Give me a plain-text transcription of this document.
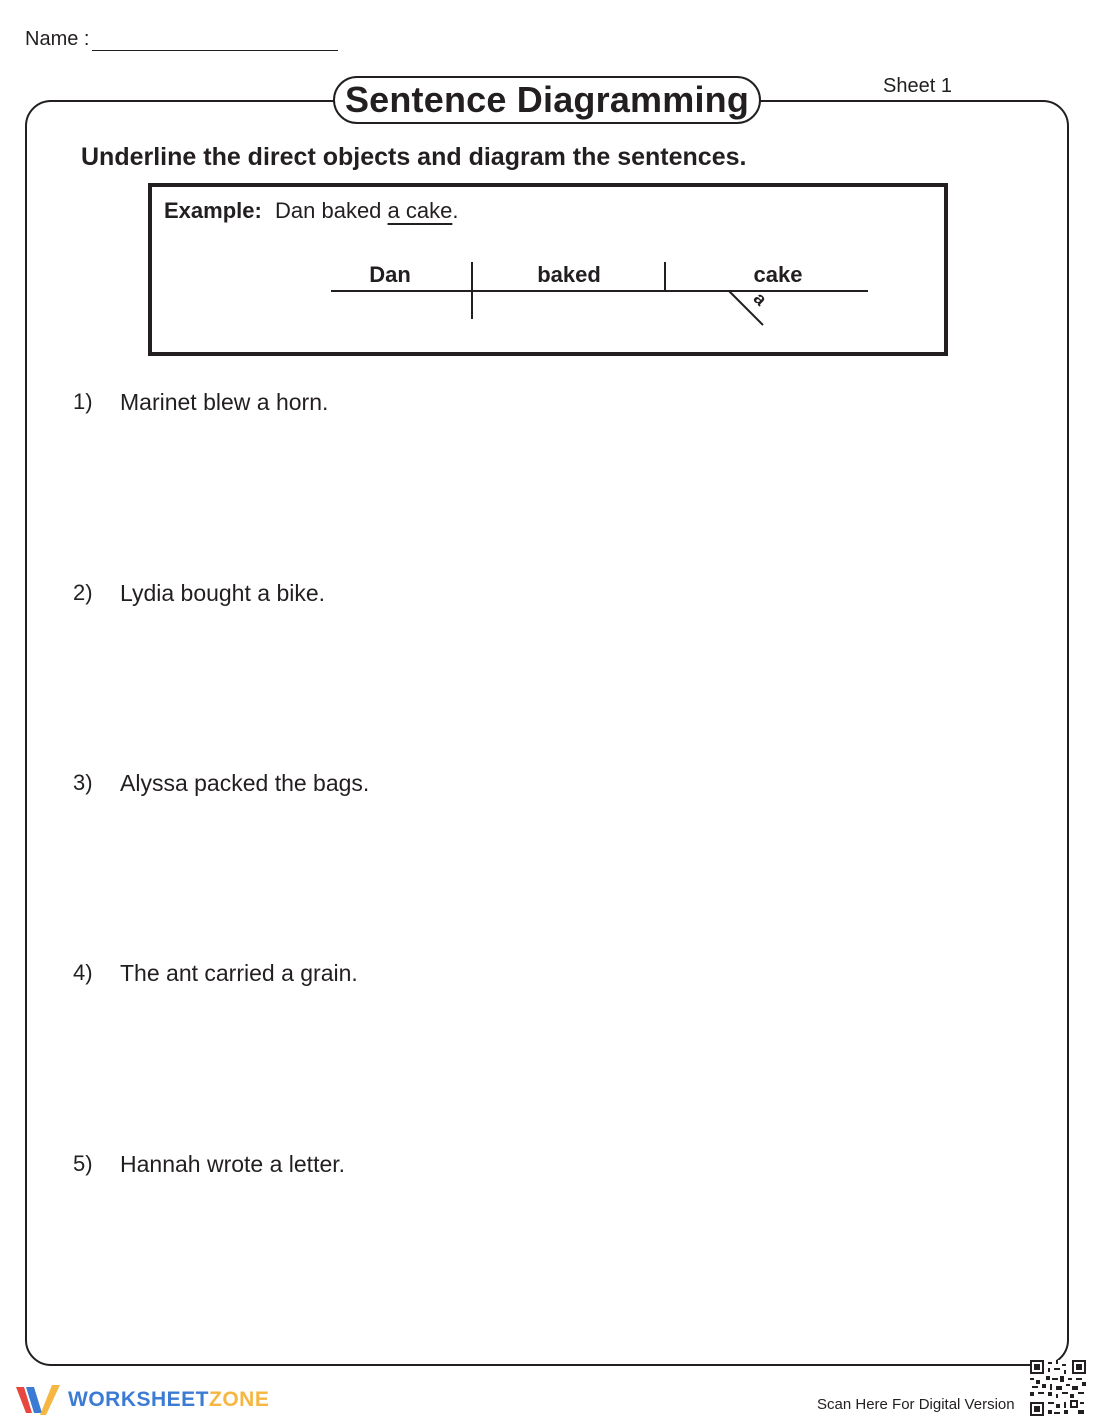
Name :
Sentence Diagramming	Sheet 1
Underline the direct objects and diagram the sentences.
Example: Dan baked a cake.
Dan	baked	cake
a
1) Marinet blew a horn.
2) Lydia bought a bike.
3) Alyssa packed the bags.
4) The ant carried a grain.
5) Hannah wrote a letter.
WORKSHEETZONE	Scan Here For Digital Version
